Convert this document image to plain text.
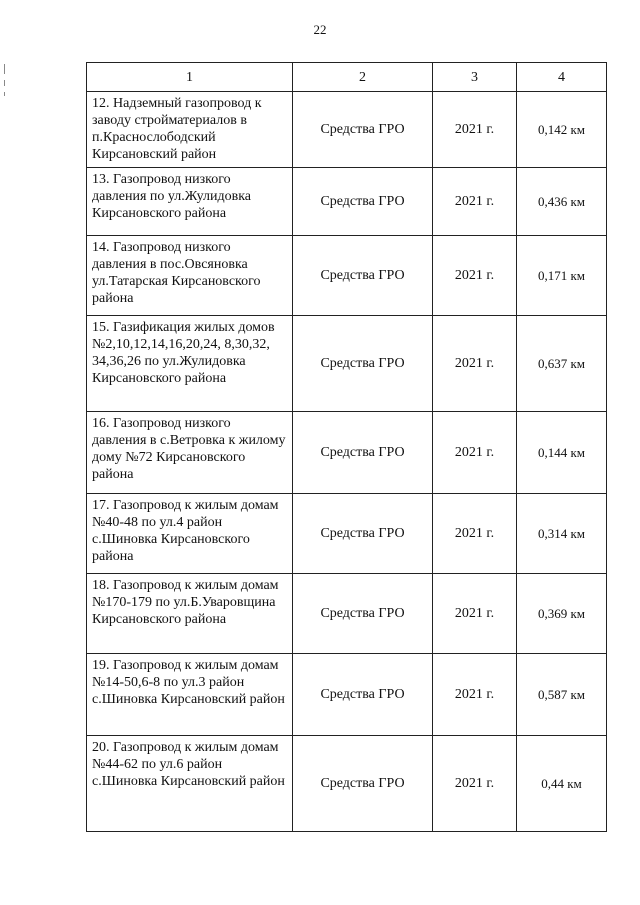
22
1	2	3	4
12. Надземный газопровод к заводу стройматериалов в п.Краснослободский Кирсановский район	Средства ГРО	2021 г.	0,142 км
13. Газопровод низкого давления по ул.Жулидовка Кирсановского района	Средства ГРО	2021 г.	0,436 км
14. Газопровод низкого давления в пос.Овсяновка ул.Татарская Кирсановского района	Средства ГРО	2021 г.	0,171 км
15. Газификация жилых домов №2,10,12,14,16,20,24, 8,30,32, 34,36,26 по ул.Жулидовка Кирсановского района	Средства ГРО	2021 г.	0,637 км
16. Газопровод низкого давления в с.Ветровка к жилому дому №72 Кирсановского района	Средства ГРО	2021 г.	0,144 км
17. Газопровод к жилым домам №40-48 по ул.4 район с.Шиновка Кирсановского района	Средства ГРО	2021 г.	0,314 км
18. Газопровод к жилым домам №170-179 по ул.Б.Уваровщина Кирсановского района	Средства ГРО	2021 г.	0,369 км
19. Газопровод к жилым домам №14-50,6-8 по ул.3 район с.Шиновка Кирсановский район	Средства ГРО	2021 г.	0,587 км
20. Газопровод к жилым домам №44-62 по ул.6 район с.Шиновка Кирсановский район	Средства ГРО	2021 г.	0,44 км
